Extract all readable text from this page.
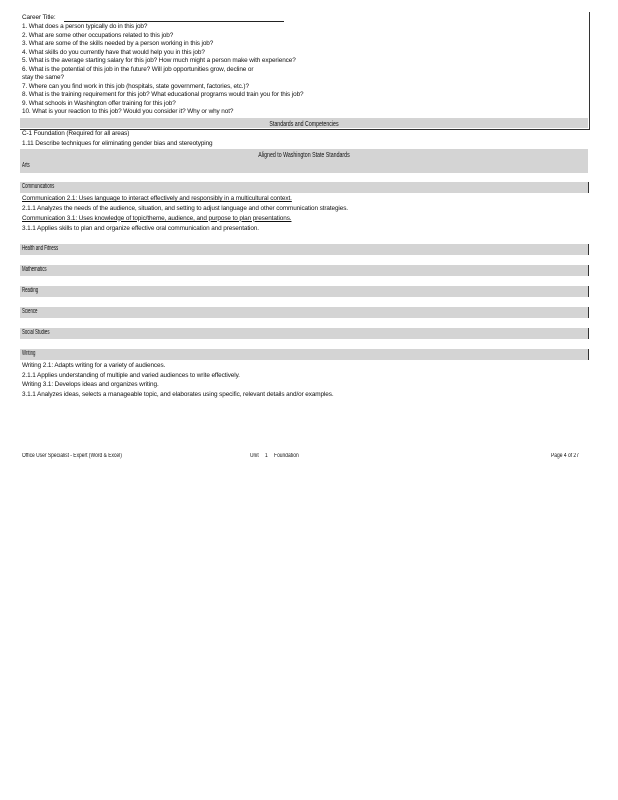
Career Title:
1. What does a person typically do in this job?
2. What are some other occupations related to this job?
3. What are some of the skills needed by a person working in this job?
4. What skills do you currently have that would help you in this job?
5. What is the average starting salary for this job? How much might a person make with experience?
6. What is the potential of this job in the future? Will job opportunities grow, decline or
stay the same?
7. Where can you find work in this job (hospitals, state government, factories, etc.)?
8. What is the training requirement for this job? What educational programs would train you for this job?
9. What schools in Washington offer training for this job?
10. What is your reaction to this job? Would you consider it? Why or why not?
Standards and Competencies
C-1 Foundation (Required for all areas)
1.11 Describe techniques for eliminating gender bias and stereotyping
Aligned to Washington State Standards
Arts
Communications
Communication 2.1: Uses language to interact effectively and responsibly in a multicultural context.
2.1.1 Analyzes the needs of the audience, situation, and setting to adjust language and other communication strategies.
Communication 3.1: Uses knowledge of topic/theme, audience, and purpose to plan presentations.
3.1.1 Applies skills to plan and organize effective oral communication and presentation.
Health and Fitness
Mathematics
Reading
Science
Social Studies
Writing
Writing 2.1: Adapts writing for a variety of audiences.
2.1.1 Applies understanding of multiple and varied audiences to write effectively.
Writing 3.1: Develops ideas and organizes writing.
3.1.1 Analyzes ideas, selects a manageable topic, and elaborates using specific, relevant details and/or examples.
Office User Specialist - Expert (Word & Excel)	Unit 1 Foundation	Page 4 of 27
